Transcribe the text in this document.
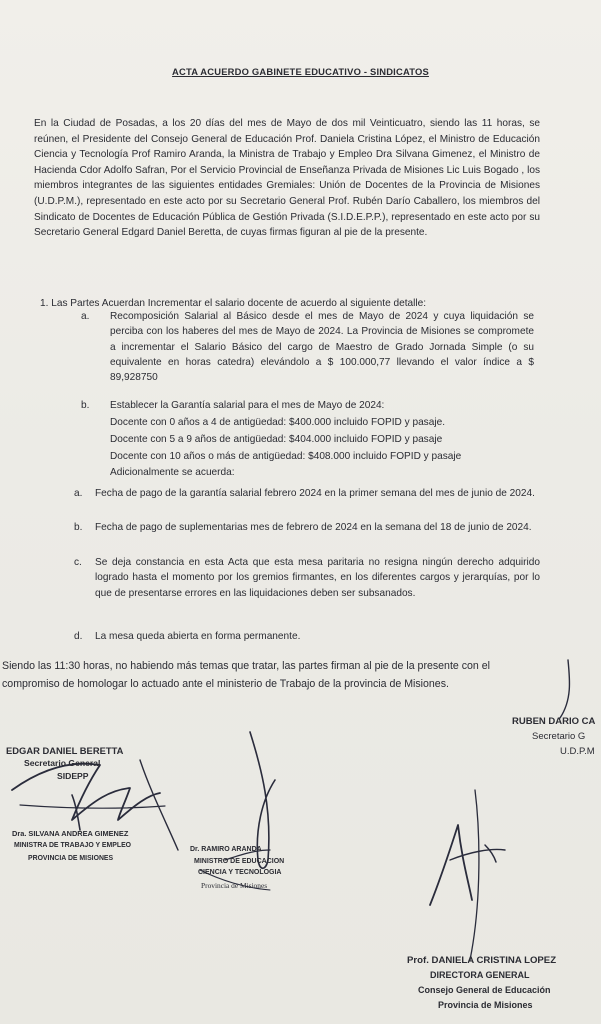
ACTA ACUERDO GABINETE EDUCATIVO - SINDICATOS

En la Ciudad de Posadas, a los 20 días del mes de Mayo de dos mil Veinticuatro, siendo las 11 horas, se reúnen, el Presidente del Consejo General de Educación Prof. Daniela Cristina López, el Ministro de Educación Ciencia y Tecnología Prof Ramiro Aranda, la Ministra de Trabajo y Empleo Dra Silvana Gimenez, el Ministro de Hacienda Cdor Adolfo Safran, Por el Servicio Provincial de Enseñanza Privada de Misiones Lic Luis Bogado , los miembros integrantes de las siguientes entidades Gremiales: Unión de Docentes de la Provincia de Misiones (U.D.P.M.), representado en este acto por su Secretario General Prof. Rubén Darío Caballero, los miembros del Sindicato de Docentes de Educación Pública de Gestión Privada (S.I.D.E.P.P.), representado en este acto por su Secretario General Edgard Daniel Beretta, de cuyas firmas figuran al pie de la presente.

1. Las Partes Acuerdan Incrementar el salario docente de acuerdo al siguiente detalle:
a. Recomposición Salarial al Básico desde el mes de Mayo de 2024 y cuya liquidación se perciba con los haberes del mes de Mayo de 2024. La Provincia de Misiones se compromete a incrementar el Salario Básico del cargo de Maestro de Grado Jornada Simple (o su equivalente en horas catedra) elevándolo a $ 100.000,77 llevando el valor índice a $ 89,928750
b. Establecer la Garantía salarial para el mes de Mayo de 2024:
Docente con 0 años a 4 de antigüedad: $400.000 incluido FOPID y pasaje.
Docente con 5 a 9 años de antigüedad: $404.000 incluido FOPID y pasaje
Docente con 10 años o más de antigüedad: $408.000 incluido FOPID y pasaje
Adicionalmente se acuerda:
a. Fecha de pago de la garantía salarial febrero 2024 en la primer semana del mes de junio de 2024.
b. Fecha de pago de suplementarias mes de febrero de 2024 en la semana del 18 de junio de 2024.
c. Se deja constancia en esta Acta que esta mesa paritaria no resigna ningún derecho adquirido logrado hasta el momento por los gremios firmantes, en los diferentes cargos y jerarquías, por lo que de presentarse errores en las liquidaciones deben ser subsanados.
d. La mesa queda abierta en forma permanente.

Siendo las 11:30 horas, no habiendo más temas que tratar, las partes firman al pie de la presente con el compromiso de homologar lo actuado ante el ministerio de Trabajo de la provincia de Misiones.

RUBEN DARIO CA
Secretario G
U.D.P.M
EDGAR DANIEL BERETTA
Secretario General
SIDEPP
Dra. SILVANA ANDREA GIMENEZ
MINISTRA DE TRABAJO Y EMPLEO
PROVINCIA DE MISIONES
Dr. RAMIRO ARANDA
MINISTRO DE EDUCACION
CIENCIA Y TECNOLOGIA
Provincia de Misiones
Prof. DANIELA CRISTINA LOPEZ
DIRECTORA GENERAL
Consejo General de Educación
Provincia de Misiones
